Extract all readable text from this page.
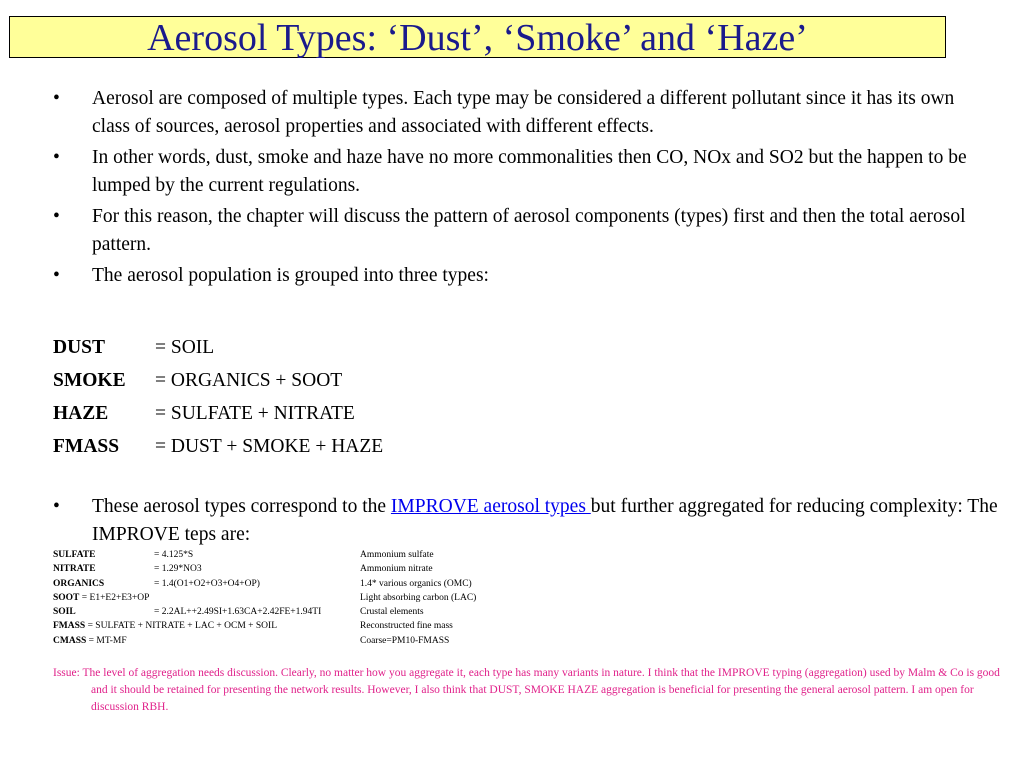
Aerosol Types: ‘Dust’, ‘Smoke’ and ‘Haze’
• Aerosol are composed of multiple types. Each type may be considered a different pollutant since it has its own class of sources, aerosol properties and associated with different effects.
• In other words, dust, smoke and haze have no more commonalities then CO, NOx and SO2 but the happen to be lumped by the current regulations.
• For this reason, the chapter will discuss the pattern of aerosol components (types) first and then the total aerosol pattern.
• The aerosol population is grouped into three types:
DUST	= SOIL
SMOKE = ORGANICS + SOOT
HAZE = SULFATE + NITRATE
FMASS = DUST + SMOKE + HAZE
• These aerosol types correspond to the IMPROVE aerosol types but further aggregated for reducing complexity: The IMPROVE teps are:
SULFATE	= 4.125*S	Ammonium sulfate
NITRATE	= 1.29*NO3	Ammonium nitrate
ORGANICS	= 1.4(O1+O2+O3+O4+OP)	1.4* various organics (OMC)
SOOT = E1+E2+E3+OP	Light absorbing carbon (LAC)
SOIL	= 2.2AL++2.49SI+1.63CA+2.42FE+1.94TI	Crustal elements
FMASS = SULFATE + NITRATE + LAC + OCM + SOIL	Reconstructed fine mass
CMASS = MT-MF	Coarse=PM10-FMASS
Issue: The level of aggregation needs discussion. Clearly, no matter how you aggregate it, each type has many variants in nature. I think that the IMPROVE typing (aggregation) used by Malm & Co is good and it should be retained for presenting the network results. However, I also think that DUST, SMOKE HAZE aggregation is beneficial for presenting the general aerosol pattern. I am open for discussion RBH.
